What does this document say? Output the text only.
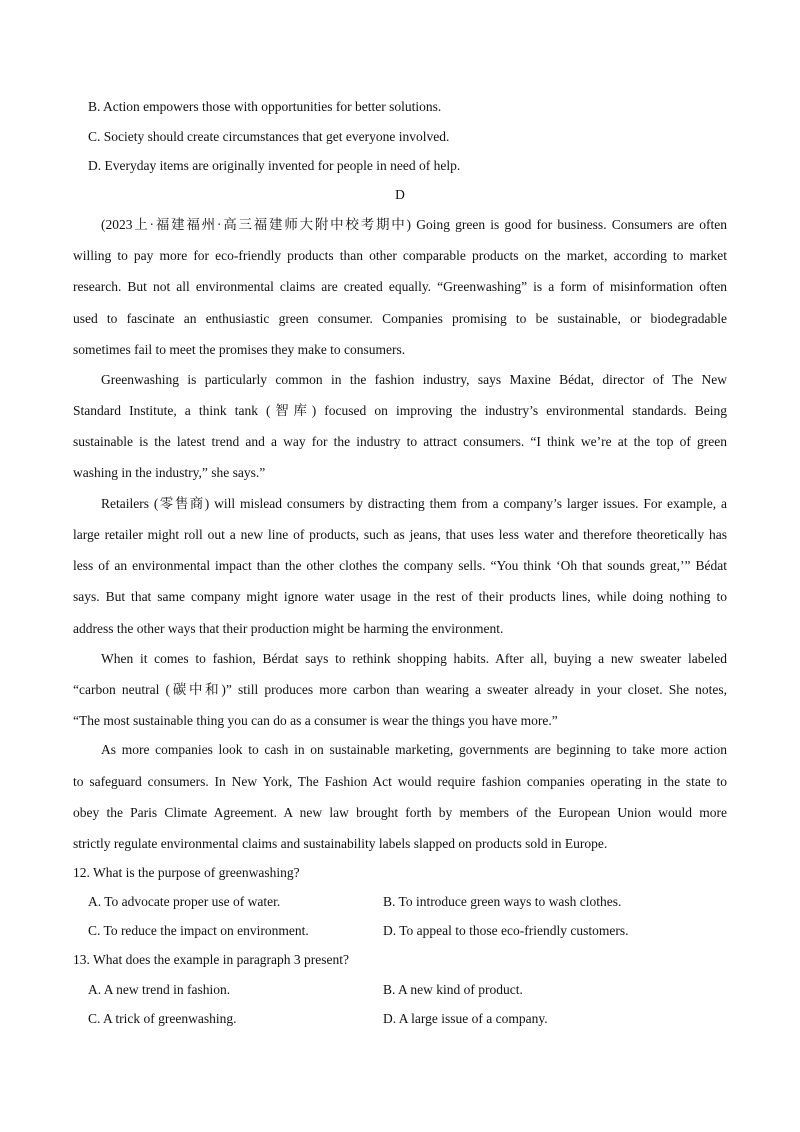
B. Action empowers those with opportunities for better solutions.
C. Society should create circumstances that get everyone involved.
D. Everyday items are originally invented for people in need of help.
D
(2023上·福建福州·高三福建师大附中校考期中) Going green is good for business. Consumers are often
willing to pay more for eco-friendly products than other comparable products on the market, according to market
research. But not all environmental claims are created equally. “Greenwashing” is a form of misinformation often
used to fascinate an enthusiastic green consumer. Companies promising to be sustainable, or biodegradable
sometimes fail to meet the promises they make to consumers.
Greenwashing is particularly common in the fashion industry, says Maxine Bédat, director of The New
Standard Institute, a think tank (智库) focused on improving the industry’s environmental standards. Being
sustainable is the latest trend and a way for the industry to attract consumers. “I think we’re at the top of green
washing in the industry,” she says.”
Retailers (零售商) will mislead consumers by distracting them from a company’s larger issues. For example, a
large retailer might roll out a new line of products, such as jeans, that uses less water and therefore theoretically has
less of an environmental impact than the other clothes the company sells. “You think ‘Oh that sounds great,’” Bédat
says. But that same company might ignore water usage in the rest of their products lines, while doing nothing to
address the other ways that their production might be harming the environment.
When it comes to fashion, Bérdat says to rethink shopping habits. After all, buying a new sweater labeled
“carbon neutral (碳中和)” still produces more carbon than wearing a sweater already in your closet. She notes,
“The most sustainable thing you can do as a consumer is wear the things you have more.”
As more companies look to cash in on sustainable marketing, governments are beginning to take more action
to safeguard consumers. In New York, The Fashion Act would require fashion companies operating in the state to
obey the Paris Climate Agreement. A new law brought forth by members of the European Union would more
strictly regulate environmental claims and sustainability labels slapped on products sold in Europe.
12. What is the purpose of greenwashing?
A. To advocate proper use of water.	B. To introduce green ways to wash clothes.
C. To reduce the impact on environment.	D. To appeal to those eco-friendly customers.
13. What does the example in paragraph 3 present?
A. A new trend in fashion.	B. A new kind of product.
C. A trick of greenwashing.	D. A large issue of a company.
